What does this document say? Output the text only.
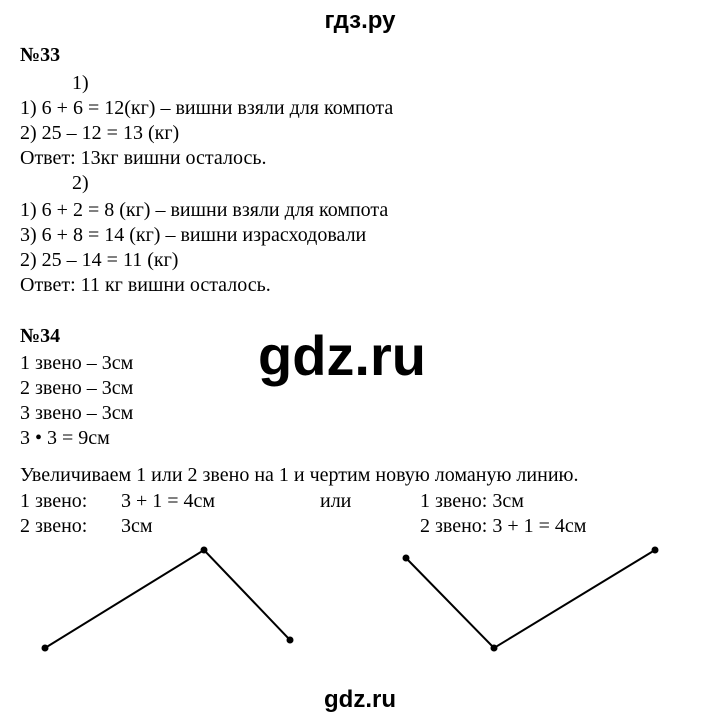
гдз.ру
№33
1)
1) 6 + 6 = 12(кг) – вишни взяли для компота
2) 25 – 12 = 13 (кг)
Ответ: 13кг вишни осталось.
2)
1) 6 + 2 = 8 (кг) – вишни взяли для компота
3) 6 + 8 = 14 (кг) – вишни израсходовали
2) 25 – 14 = 11 (кг)
Ответ: 11 кг вишни осталось.
№34	gdz.ru
1 звено – 3см
2 звено – 3см
3 звено – 3см
3 • 3 = 9см
Увеличиваем 1 или 2 звено на 1 и чертим новую ломаную линию.
1 звено: 3 + 1 = 4см
2 звено: 3см
или	1 звено: 3см
2 звено: 3 + 1 = 4см
gdz.ru
